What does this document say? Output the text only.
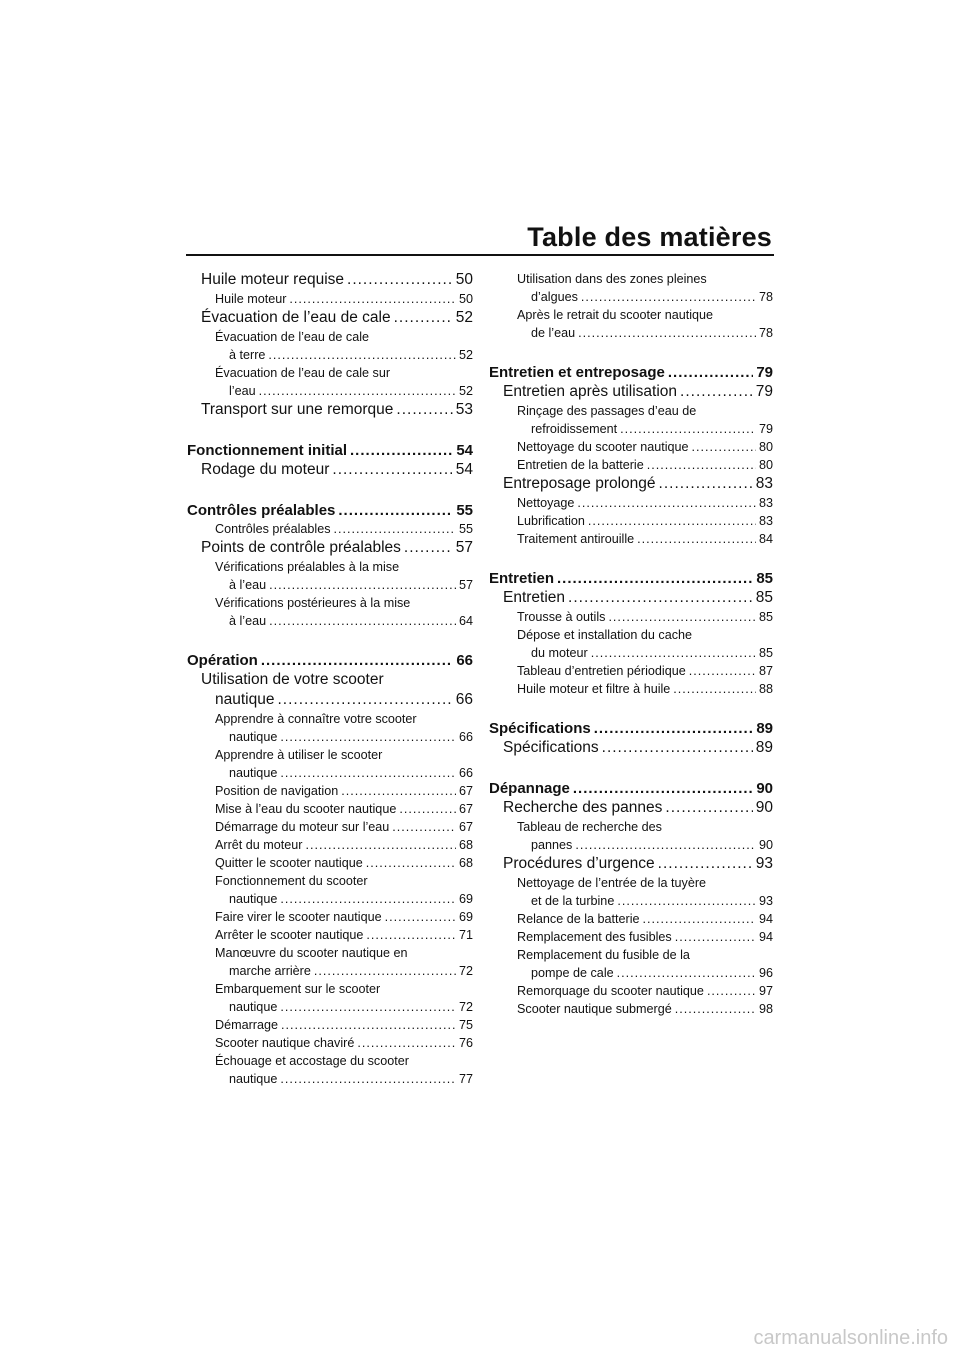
Table des matières
Huile moteur requise .....	50
Huile moteur .....	50
Évacuation de l’eau de cale .....	52
Évacuation de l’eau de cale
à terre .....	52
Évacuation de l’eau de cale sur
l’eau .....	52
Transport sur une remorque .....	53
Fonctionnement initial .....	54
Rodage du moteur .....	54
Contrôles préalables .....	55
Contrôles préalables .....	55
Points de contrôle préalables .....	57
Vérifications préalables à la mise
à l’eau .....	57
Vérifications postérieures à la mise
à l’eau .....	64
Opération .....	66
Utilisation de votre scooter
nautique .....	66
Apprendre à connaître votre scooter
nautique .....	66
Apprendre à utiliser le scooter
nautique .....	66
Position de navigation .....	67
Mise à l’eau du scooter nautique .....	67
Démarrage du moteur sur l’eau .....	67
Arrêt du moteur .....	68
Quitter le scooter nautique .....	68
Fonctionnement du scooter
nautique .....	69
Faire virer le scooter nautique .....	69
Arrêter le scooter nautique .....	71
Manœuvre du scooter nautique en
marche arrière .....	72
Embarquement sur le scooter
nautique .....	72
Démarrage .....	75
Scooter nautique chaviré .....	76
Échouage et accostage du scooter
nautique .....	77
Utilisation dans des zones pleines
d’algues .....	78
Après le retrait du scooter nautique
de l’eau .....	78
Entretien et entreposage .....	79
Entretien après utilisation .....	79
Rinçage des passages d’eau de
refroidissement .....	79
Nettoyage du scooter nautique .....	80
Entretien de la batterie .....	80
Entreposage prolongé .....	83
Nettoyage .....	83
Lubrification .....	83
Traitement antirouille .....	84
Entretien .....	85
Entretien .....	85
Trousse à outils .....	85
Dépose et installation du cache
du moteur .....	85
Tableau d’entretien périodique .....	87
Huile moteur et filtre à huile .....	88
Spécifications .....	89
Spécifications .....	89
Dépannage .....	90
Recherche des pannes .....	90
Tableau de recherche des
pannes .....	90
Procédures d’urgence .....	93
Nettoyage de l’entrée de la tuyère
et de la turbine .....	93
Relance de la batterie .....	94
Remplacement des fusibles .....	94
Remplacement du fusible de la
pompe de cale .....	96
Remorquage du scooter nautique .....	97
Scooter nautique submergé .....	98
carmanualsonline.info
